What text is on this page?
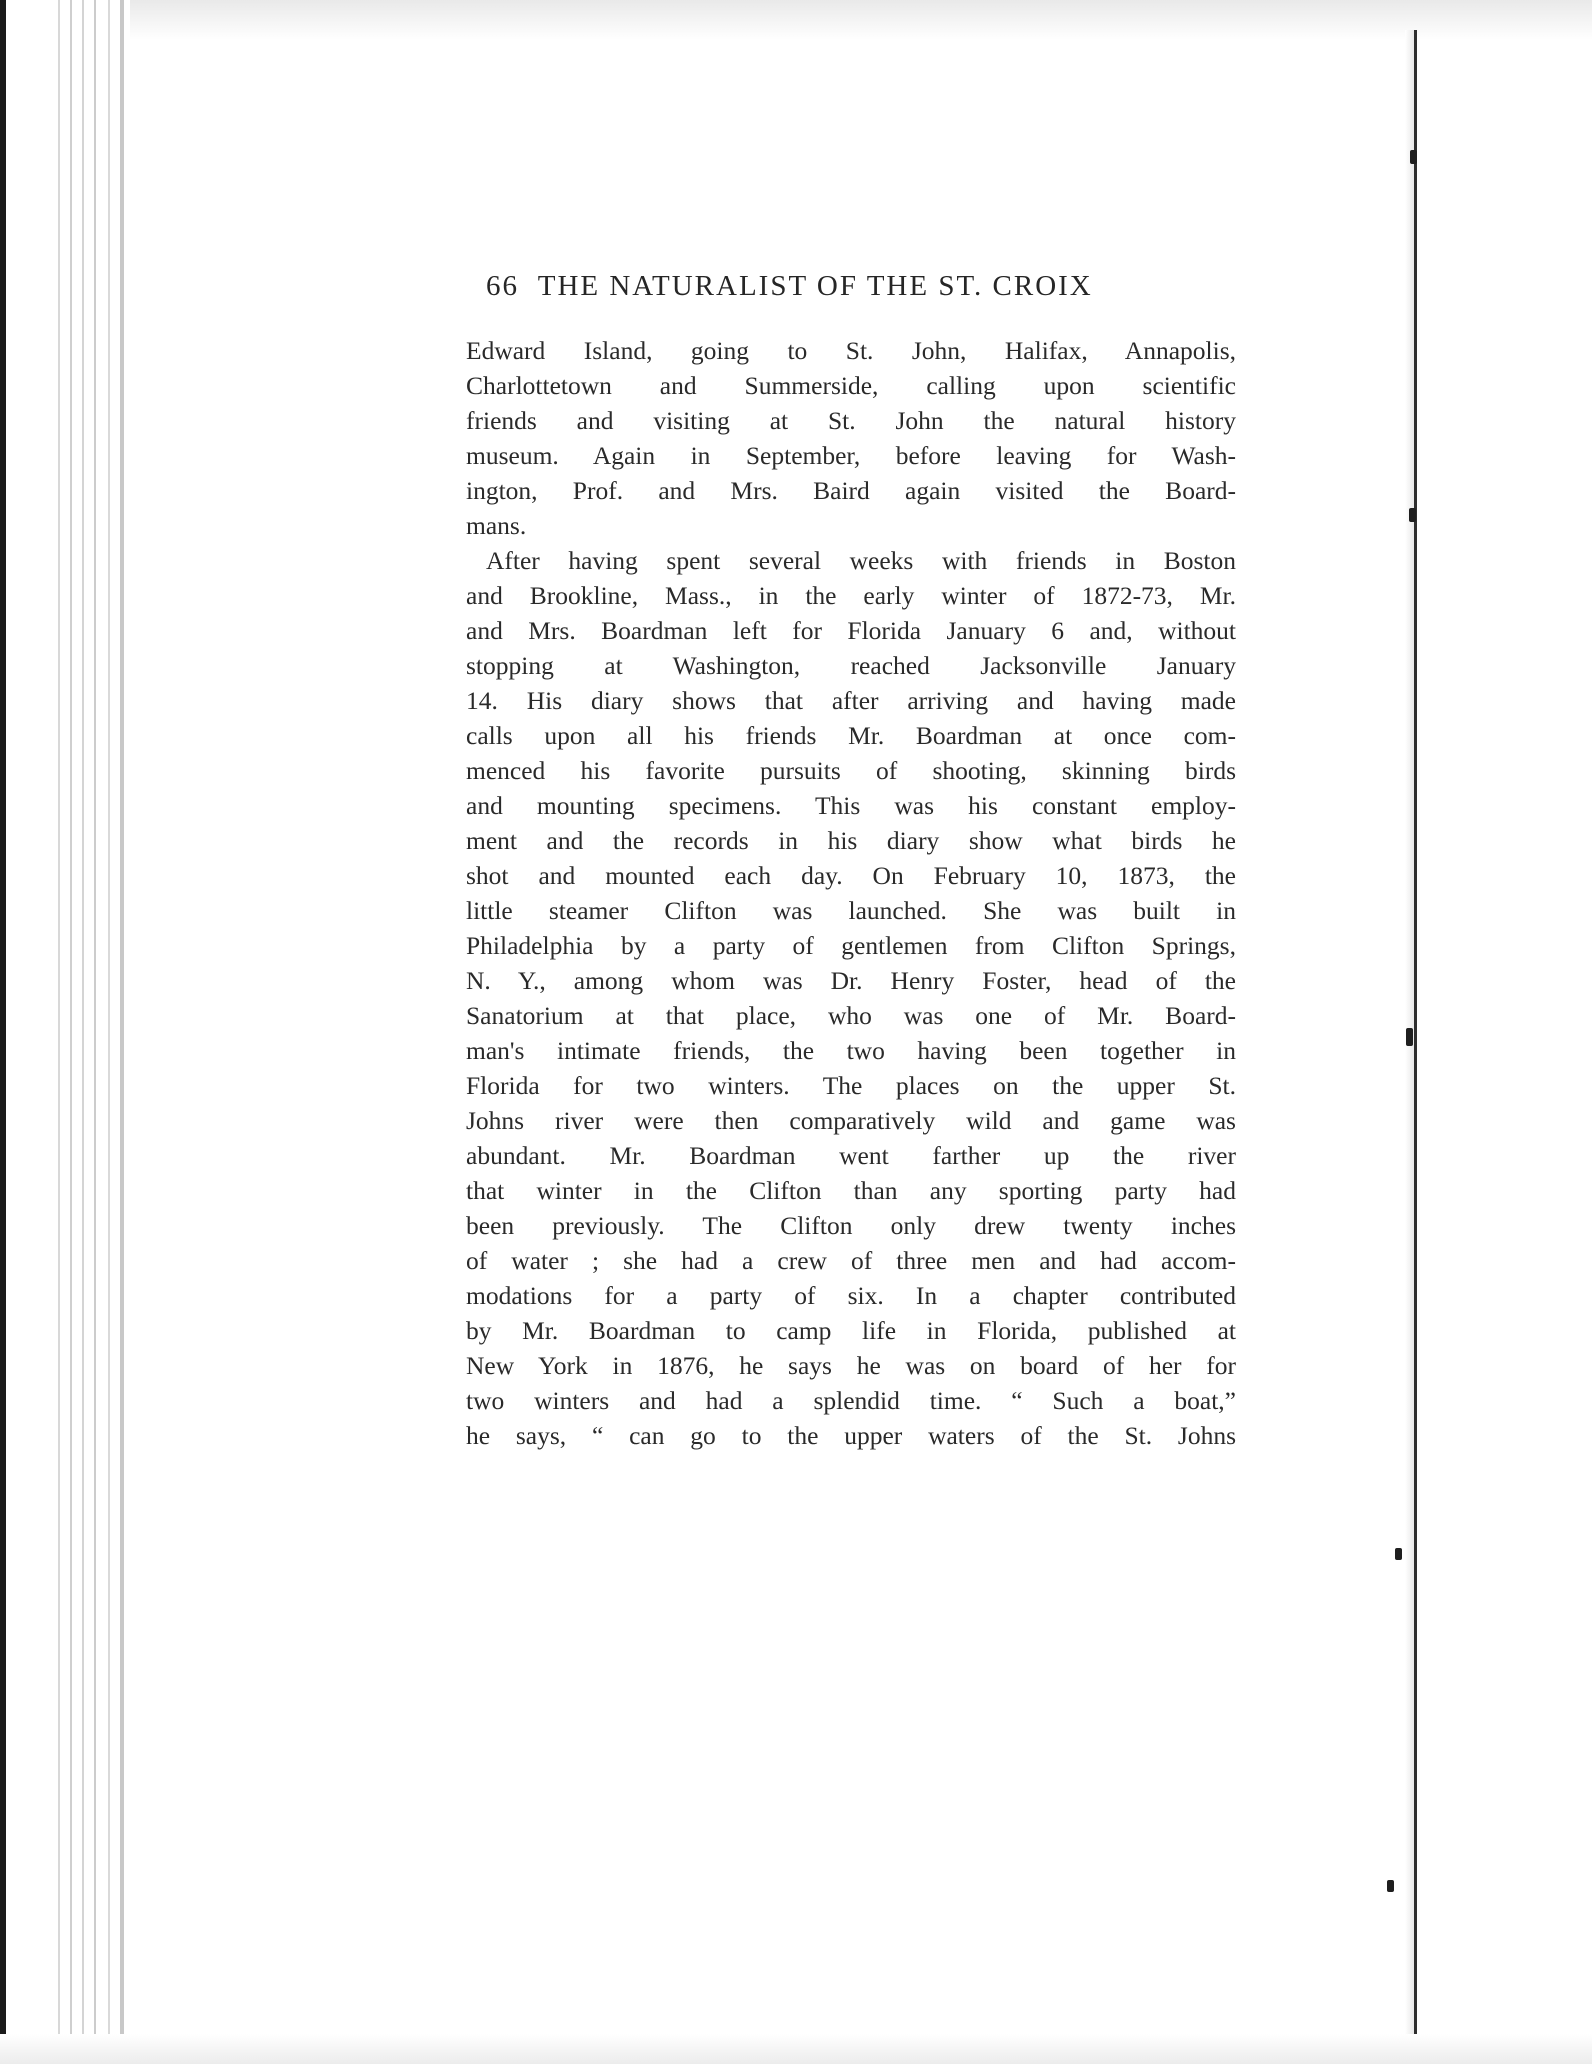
66 THE NATURALIST OF THE ST. CROIX
Edward Island, going to St. John, Halifax, Annapolis,
Charlottetown and Summerside, calling upon scientific
friends and visiting at St. John the natural history
museum. Again in September, before leaving for Wash-
ington, Prof. and Mrs. Baird again visited the Board-
mans.
After having spent several weeks with friends in Boston
and Brookline, Mass., in the early winter of 1872-73, Mr.
and Mrs. Boardman left for Florida January 6 and, without
stopping at Washington, reached Jacksonville January
14. His diary shows that after arriving and having made
calls upon all his friends Mr. Boardman at once com-
menced his favorite pursuits of shooting, skinning birds
and mounting specimens. This was his constant employ-
ment and the records in his diary show what birds he
shot and mounted each day. On February 10, 1873, the
little steamer Clifton was launched. She was built in
Philadelphia by a party of gentlemen from Clifton Springs,
N. Y., among whom was Dr. Henry Foster, head of the
Sanatorium at that place, who was one of Mr. Board-
man's intimate friends, the two having been together in
Florida for two winters. The places on the upper St.
Johns river were then comparatively wild and game was
abundant. Mr. Boardman went farther up the river
that winter in the Clifton than any sporting party had
been previously. The Clifton only drew twenty inches
of water ; she had a crew of three men and had accom-
modations for a party of six. In a chapter contributed
by Mr. Boardman to camp life in Florida, published at
New York in 1876, he says he was on board of her for
two winters and had a splendid time. “ Such a boat,”
he says, “ can go to the upper waters of the St. Johns
